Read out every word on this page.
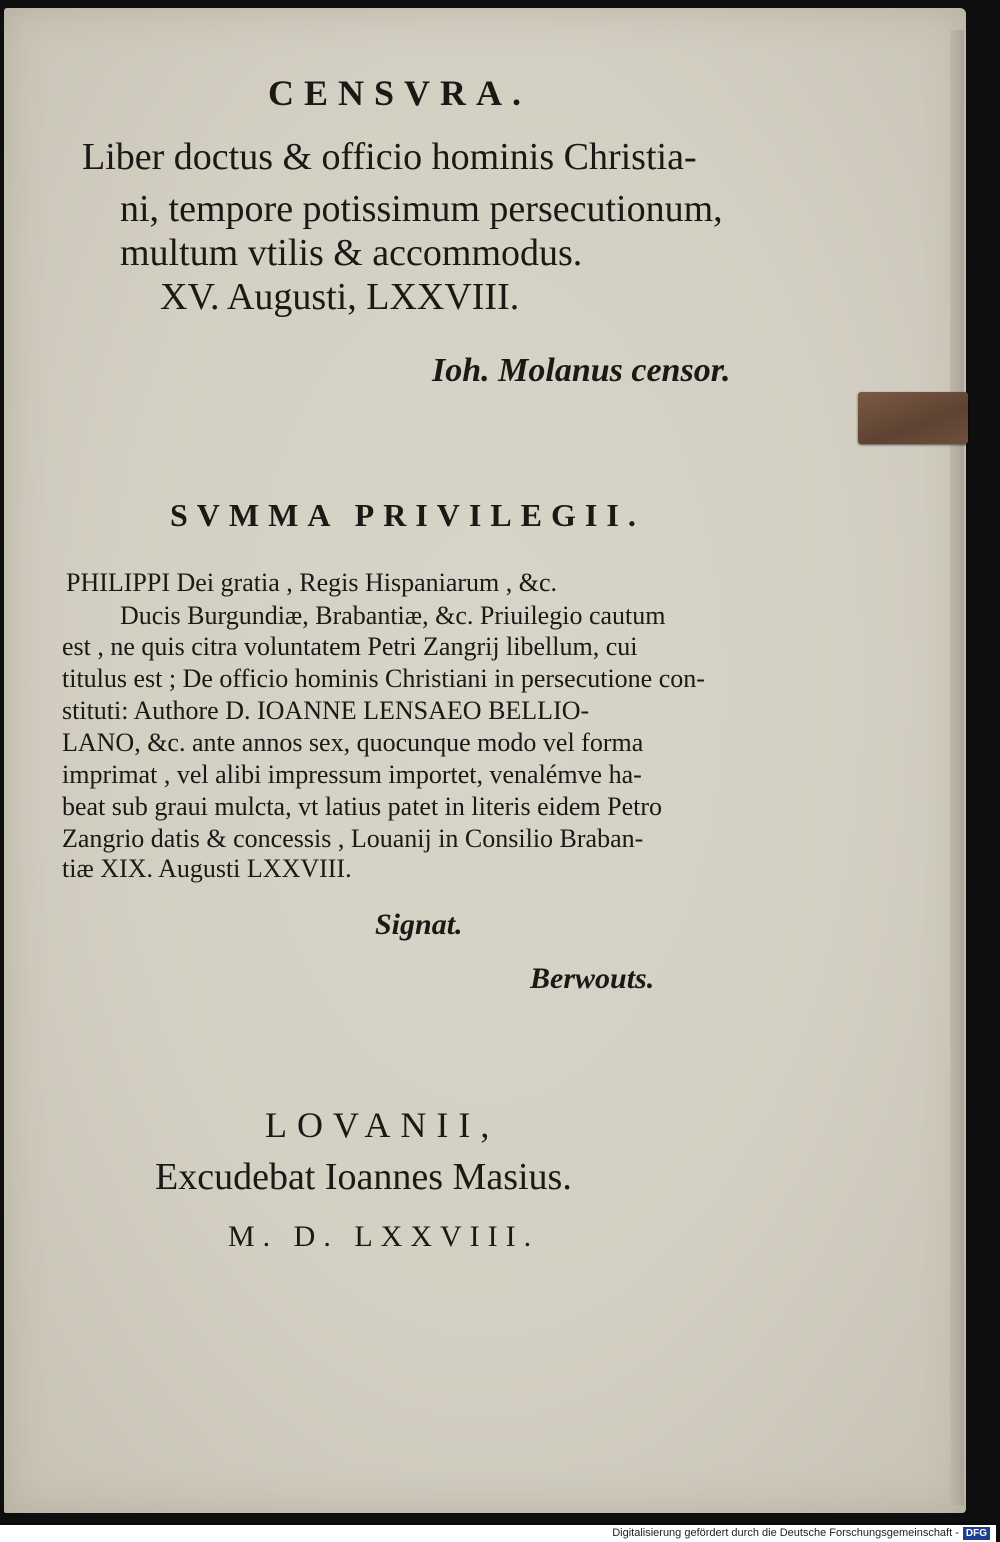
CENSVRA.
Liber doctus & officio hominis Christia-
ni, tempore potissimum persecutionum,
multum vtilis & accommodus.
XV. Augusti, LXXVIII.
Ioh. Molanus censor.
SVMMA PRIVILEGII.
PHILIPPI Dei gratia , Regis Hispaniarum , &c.
Ducis Burgundiæ, Brabantiæ, &c. Priuilegio cautum
est , ne quis citra voluntatem Petri Zangrij libellum, cui
titulus est ; De officio hominis Christiani in persecutione con-
stituti: Authore D. IOANNE LENSAEO BELLIO-
LANO, &c. ante annos sex, quocunque modo vel forma
imprimat , vel alibi impressum importet, venalémve ha-
beat sub graui mulcta, vt latius patet in literis eidem Petro
Zangrio datis & concessis , Louanij in Consilio Braban-
tiæ XIX. Augusti LXXVIII.
Signat.
Berwouts.
LOVANII,
Excudebat Ioannes Masius.
M. D. LXXVIII.
Digitalisierung gefördert durch die Deutsche Forschungsgemeinschaft - DFG
